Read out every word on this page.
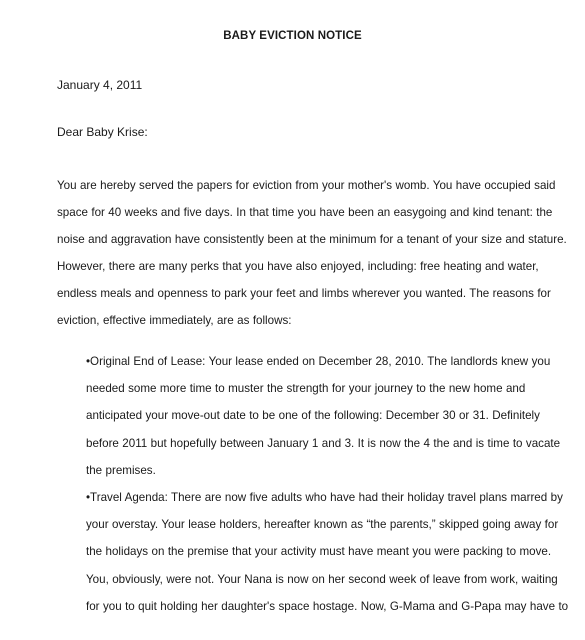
BABY EVICTION NOTICE
January 4, 2011
Dear Baby Krise:
You are hereby served the papers for eviction from your mother's womb. You have occupied said
space for 40 weeks and five days. In that time you have been an easygoing and kind tenant: the
noise and aggravation have consistently been at the minimum for a tenant of your size and stature.
However, there are many perks that you have also enjoyed, including: free heating and water,
endless meals and openness to park your feet and limbs wherever you wanted. The reasons for
eviction, effective immediately, are as follows:
•Original End of Lease: Your lease ended on December 28, 2010. The landlords knew you
needed some more time to muster the strength for your journey to the new home and
anticipated your move-out date to be one of the following: December 30 or 31. Definitely
before 2011 but hopefully between January 1 and 3. It is now the 4 the and is time to vacate
the premises.
•Travel Agenda: There are now five adults who have had their holiday travel plans marred by
your overstay. Your lease holders, hereafter known as “the parents,” skipped going away for
the holidays on the premise that your activity must have meant you were packing to move.
You, obviously, were not. Your Nana is now on her second week of leave from work, waiting
for you to quit holding her daughter's space hostage. Now, G-Mama and G-Papa may have to
